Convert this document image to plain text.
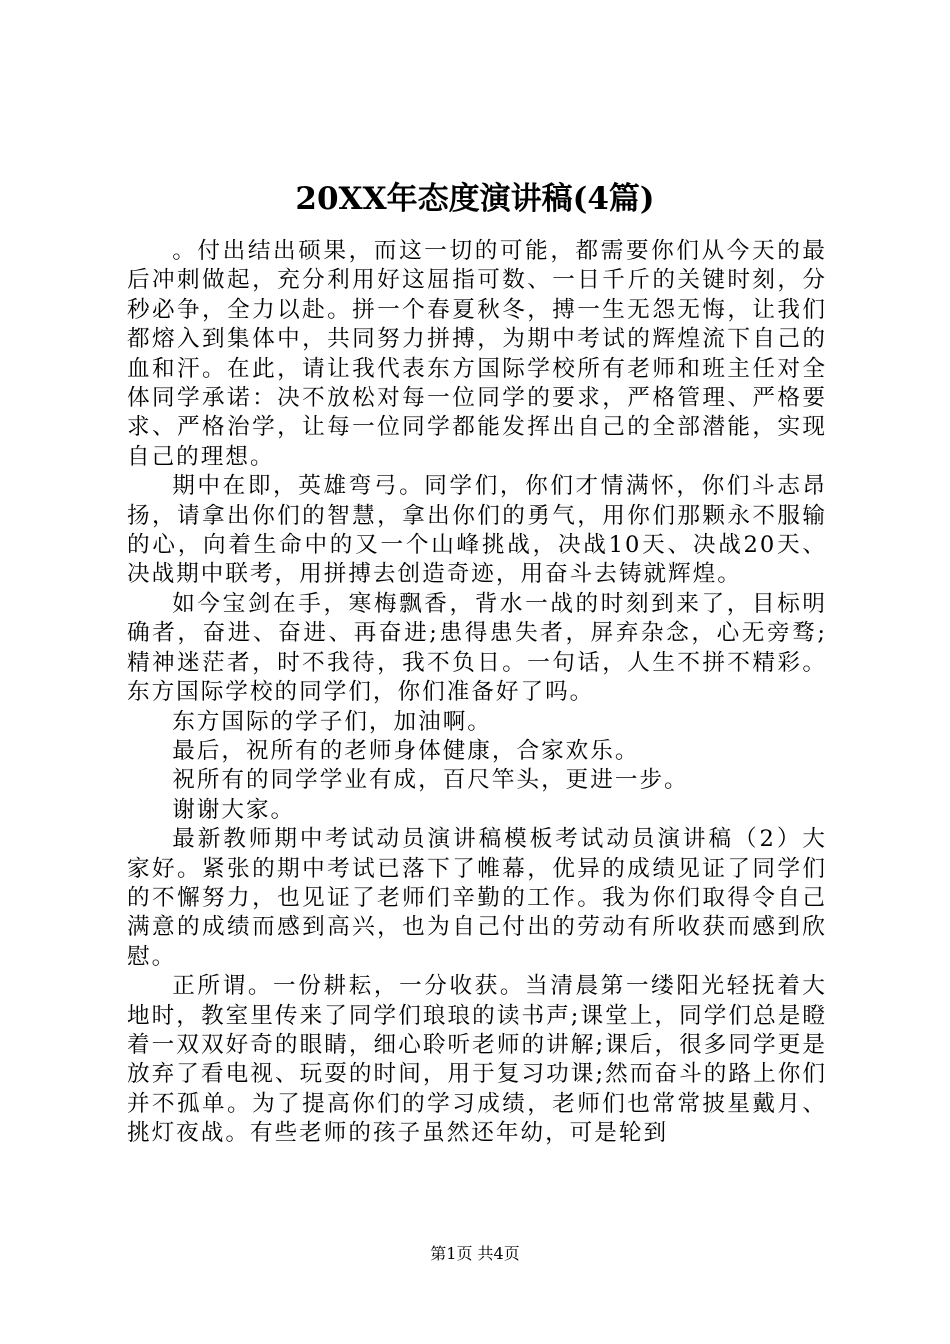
20XX年态度演讲稿(4篇)

。付出结出硕果，而这一切的可能，都需要你们从今天的最后冲刺做起，充分利用好这屈指可数、一日千斤的关键时刻，分秒必争，全力以赴。拼一个春夏秋冬，搏一生无怨无悔，让我们都熔入到集体中，共同努力拼搏，为期中考试的辉煌流下自己的血和汗。在此，请让我代表东方国际学校所有老师和班主任对全体同学承诺：决不放松对每一位同学的要求，严格管理、严格要求、严格治学，让每一位同学都能发挥出自己的全部潜能，实现自己的理想。

期中在即，英雄弯弓。同学们，你们才情满怀，你们斗志昂扬，请拿出你们的智慧，拿出你们的勇气，用你们那颗永不服输的心，向着生命中的又一个山峰挑战，决战10天、决战20天、决战期中联考，用拼搏去创造奇迹，用奋斗去铸就辉煌。

如今宝剑在手，寒梅飘香，背水一战的时刻到来了，目标明确者，奋进、奋进、再奋进;患得患失者，屏弃杂念，心无旁骛;精神迷茫者，时不我待，我不负日。一句话，人生不拼不精彩。东方国际学校的同学们，你们准备好了吗。

东方国际的学子们，加油啊。

最后，祝所有的老师身体健康，合家欢乐。

祝所有的同学学业有成，百尺竿头，更进一步。

谢谢大家。

最新教师期中考试动员演讲稿模板考试动员演讲稿（2）大家好。紧张的期中考试已落下了帷幕，优异的成绩见证了同学们的不懈努力，也见证了老师们辛勤的工作。我为你们取得令自己满意的成绩而感到高兴，也为自己付出的劳动有所收获而感到欣慰。

正所谓。一份耕耘，一分收获。当清晨第一缕阳光轻抚着大地时，教室里传来了同学们琅琅的读书声;课堂上，同学们总是瞪着一双双好奇的眼睛，细心聆听老师的讲解;课后，很多同学更是放弃了看电视、玩耍的时间，用于复习功课;然而奋斗的路上你们并不孤单。为了提高你们的学习成绩，老师们也常常披星戴月、挑灯夜战。有些老师的孩子虽然还年幼，可是轮到

第1页 共4页
